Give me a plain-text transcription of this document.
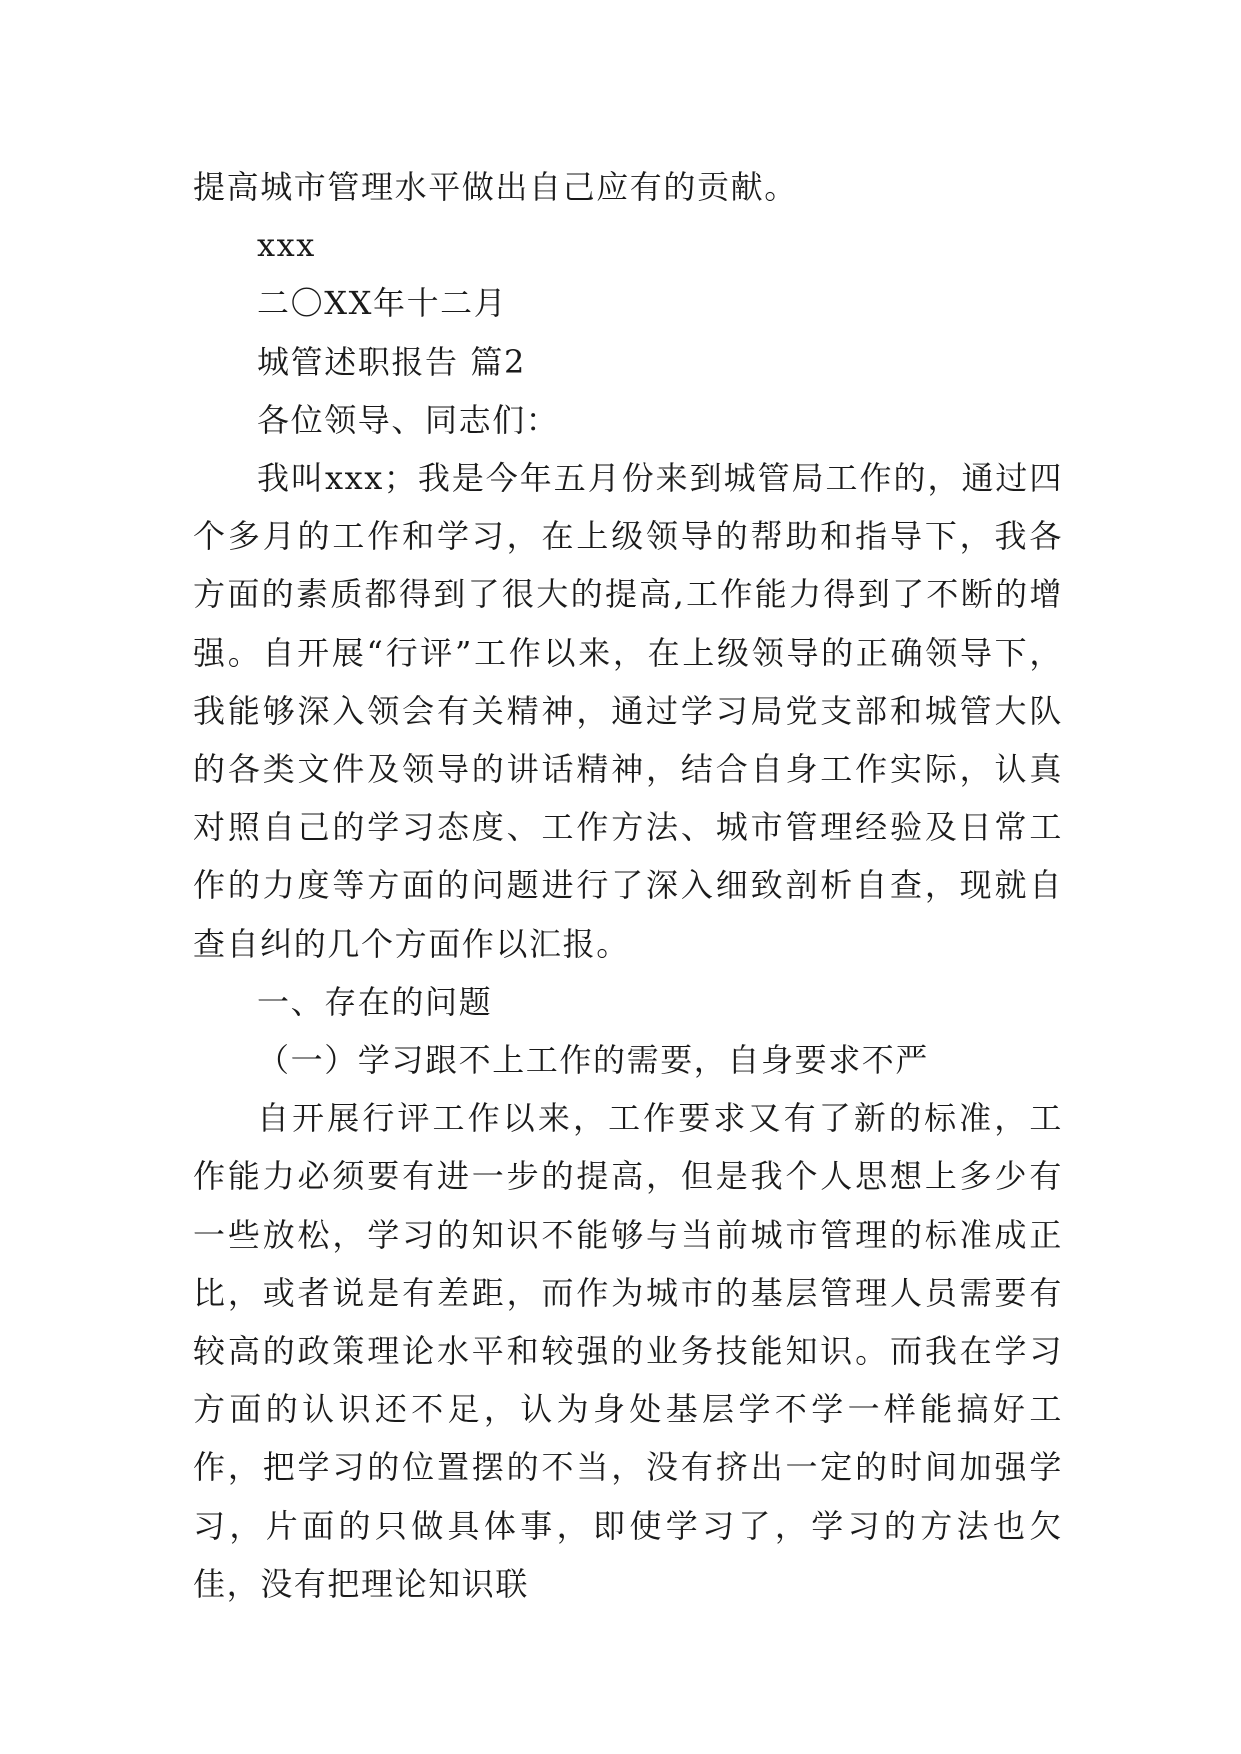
提高城市管理水平做出自己应有的贡献。

xxx

二〇XX年十二月

城管述职报告 篇2

各位领导、同志们：

我叫xxx；我是今年五月份来到城管局工作的，通过四个多月的工作和学习，在上级领导的帮助和指导下，我各方面的素质都得到了很大的提高,工作能力得到了不断的增强。自开展“行评”工作以来，在上级领导的正确领导下，我能够深入领会有关精神，通过学习局党支部和城管大队的各类文件及领导的讲话精神，结合自身工作实际，认真对照自己的学习态度、工作方法、城市管理经验及日常工作的力度等方面的问题进行了深入细致剖析自查，现就自查自纠的几个方面作以汇报。

一、存在的问题

（一）学习跟不上工作的需要，自身要求不严

自开展行评工作以来，工作要求又有了新的标准，工作能力必须要有进一步的提高，但是我个人思想上多少有一些放松，学习的知识不能够与当前城市管理的标准成正比，或者说是有差距，而作为城市的基层管理人员需要有较高的政策理论水平和较强的业务技能知识。而我在学习方面的认识还不足，认为身处基层学不学一样能搞好工作，把学习的位置摆的不当，没有挤出一定的时间加强学习，片面的只做具体事，即使学习了，学习的方法也欠佳，没有把理论知识联
